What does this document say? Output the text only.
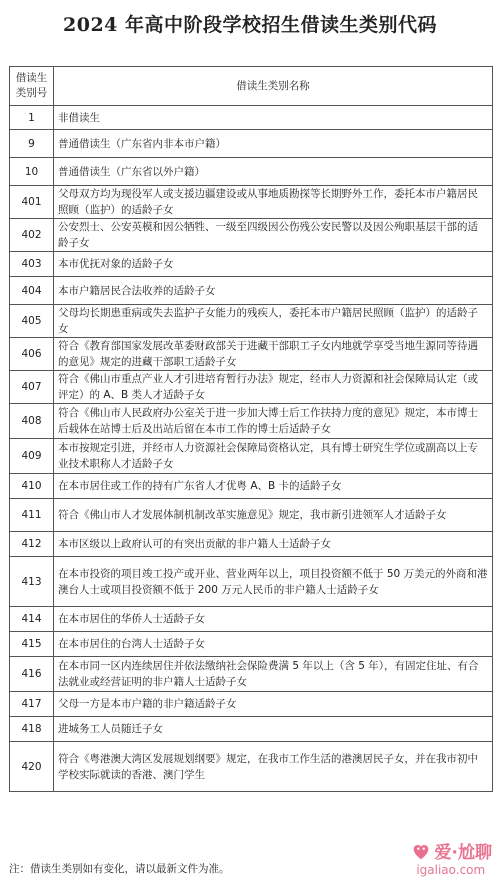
2024 年高中阶段学校招生借读生类别代码
借读生类别号	借读生类别名称
1	非借读生
9	普通借读生（广东省内非本市户籍）
10	普通借读生（广东省以外户籍）
401	父母双方均为现役军人或支援边疆建设或从事地质勘探等长期野外工作，委托本市户籍居民照顾（监护）的适龄子女
402	公安烈士、公安英模和因公牺牲、一级至四级因公伤残公安民警以及因公殉职基层干部的适龄子女
403	本市优抚对象的适龄子女
404	本市户籍居民合法收养的适龄子女
405	父母均长期患重病或失去监护子女能力的残疾人，委托本市户籍居民照顾（监护）的适龄子女
406	符合《教育部国家发展改革委财政部关于进藏干部职工子女内地就学享受当地生源同等待遇的意见》规定的进藏干部职工适龄子女
407	符合《佛山市重点产业人才引进培育暂行办法》规定，经市人力资源和社会保障局认定（或评定）的 A、B 类人才适龄子女
408	符合《佛山市人民政府办公室关于进一步加大博士后工作扶持力度的意见》规定，本市博士后载体在站博士后及出站后留在本市工作的博士后适龄子女
409	本市按规定引进，并经市人力资源社会保障局资格认定，具有博士研究生学位或副高以上专业技术职称人才适龄子女
410	在本市居住或工作的持有广东省人才优粤 A、B 卡的适龄子女
411	符合《佛山市人才发展体制机制改革实施意见》规定，我市新引进领军人才适龄子女
412	本市区级以上政府认可的有突出贡献的非户籍人士适龄子女
413	在本市投资的项目竣工投产或开业、营业两年以上，项目投资额不低于 50 万美元的外商和港澳台人士或项目投资额不低于 200 万元人民币的非户籍人士适龄子女
414	在本市居住的华侨人士适龄子女
415	在本市居住的台湾人士适龄子女
416	在本市同一区内连续居住并依法缴纳社会保险费满 5 年以上（含 5 年），有固定住址、有合法就业或经营证明的非户籍人士适龄子女
417	父母一方是本市户籍的非户籍适龄子女
418	进城务工人员随迁子女
420	符合《粤港澳大湾区发展规划纲要》规定，在我市工作生活的港澳居民子女，并在我市初中学校实际就读的香港、澳门学生
注：借读生类别如有变化，请以最新文件为准。
爱·尬聊
igaliao.com
